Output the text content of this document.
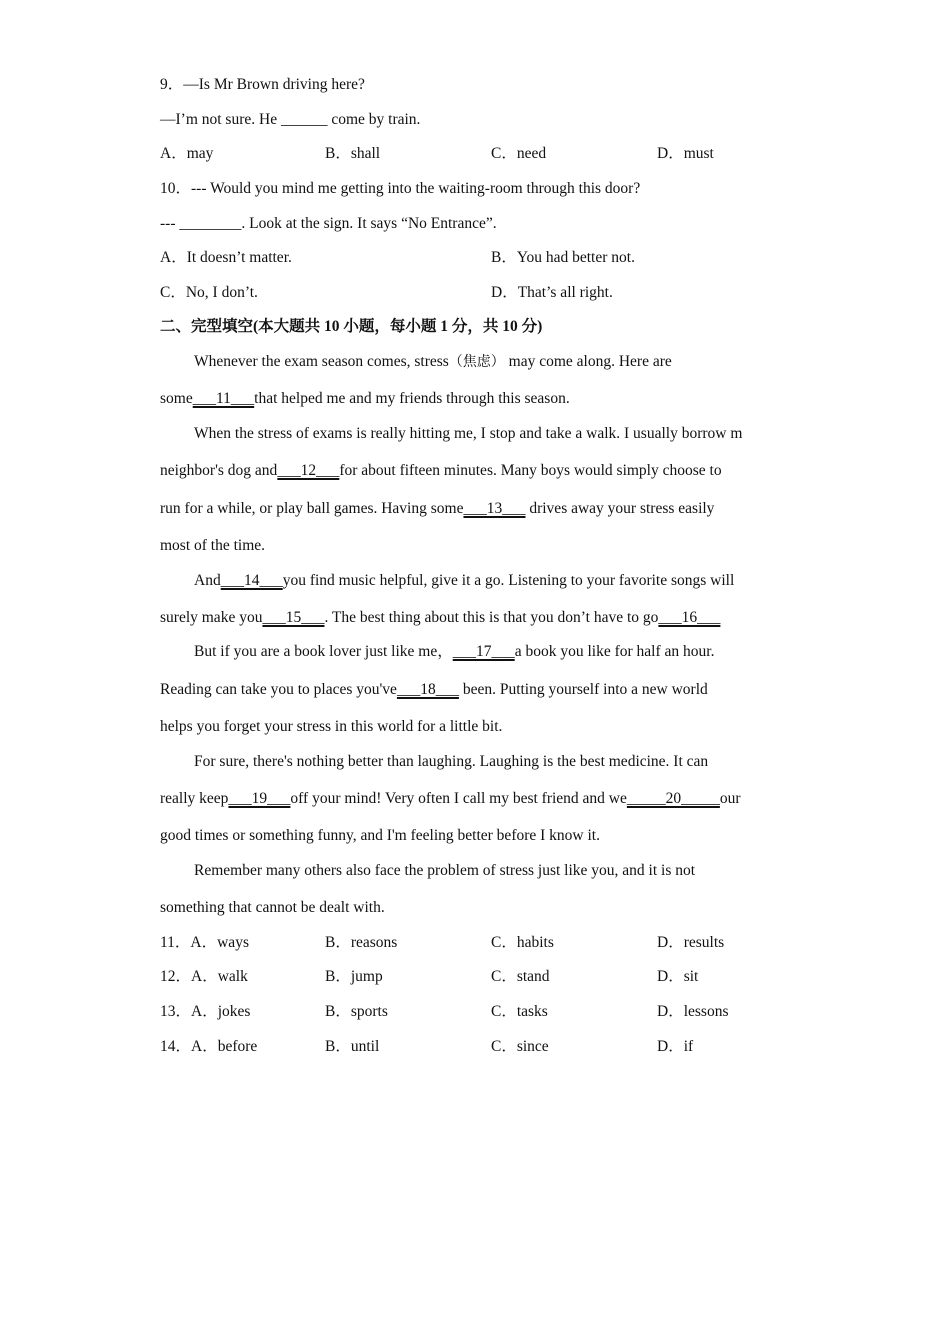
9．—Is Mr Brown driving here?
—I’m not sure. He ______ come by train.
A．may	B．shall	C．need	D．must
10．--- Would you mind me getting into the waiting-room through this door?
--- ________. Look at the sign. It says “No Entrance”.
A．It doesn’t matter.	B．You had better not.
C．No, I don’t.	D．That’s all right.
二、完型填空(本大题共 10 小题，每小题 1 分，共 10 分)
Whenever the exam season comes, stress（焦虑） may come along. Here are
some___11___that helped me and my friends through this season.
When the stress of exams is really hitting me, I stop and take a walk. I usually borrow m
neighbor's dog and___12___for about fifteen minutes. Many boys would simply choose to
run for a while, or play ball games. Having some___13___ drives away your stress easily
most of the time.
And___14___you find music helpful, give it a go. Listening to your favorite songs will
surely make you___15___. The best thing about this is that you don’t have to go___16___
But if you are a book lover just like me，___17___a book you like for half an hour.
Reading can take you to places you've___18___ been. Putting yourself into a new world
helps you forget your stress in this world for a little bit.
For sure, there's nothing better than laughing. Laughing is the best medicine. It can
really keep___19___off your mind! Very often I call my best friend and we_____20_____our
good times or something funny, and I'm feeling better before I know it.
Remember many others also face the problem of stress just like you, and it is not
something that cannot be dealt with.
11．A．ways	B．reasons	C．habits	D．results
12．A．walk	B．jump	C．stand	D．sit
13．A．jokes	B．sports	C．tasks	D．lessons
14．A．before	B．until	C．since	D．if
